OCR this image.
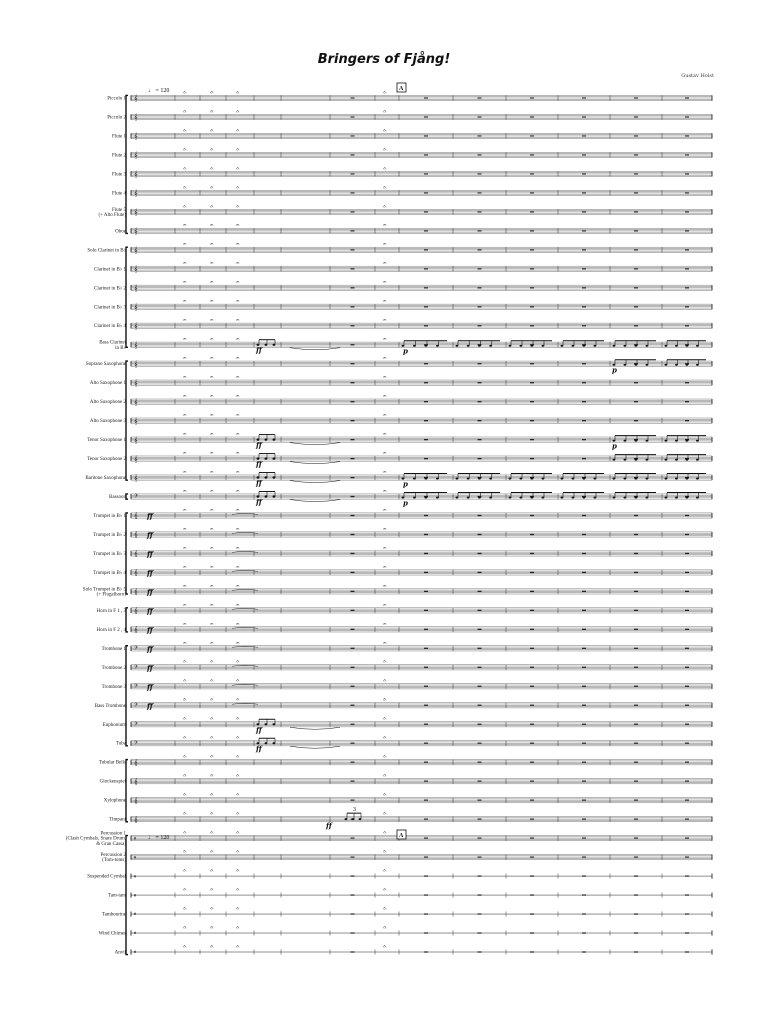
Bringers of Fjång!
Gustav Holst
𝄞
𝄐	𝄐	𝄐	𝄐
𝄞
𝄐	𝄐	𝄐	𝄐
𝄞
𝄐	𝄐	𝄐	𝄐
𝄞
𝄐	𝄐	𝄐	𝄐
𝄞
𝄐	𝄐	𝄐	𝄐
𝄞
𝄐	𝄐	𝄐	𝄐
𝄞
𝄐	𝄐	𝄐	𝄐
𝄞
𝄐	𝄐	𝄐	𝄐
𝄞
𝄐	𝄐	𝄐	𝄐
𝄞
𝄐	𝄐	𝄐	𝄐
𝄞
𝄐	𝄐	𝄐	𝄐
𝄞
𝄐	𝄐	𝄐	𝄐
𝄞
𝄐	𝄐	𝄐	𝄐
𝄞
𝄐	𝄐	𝄐	𝄐
𝄞
𝄐	𝄐	𝄐	𝄐
𝄞
𝄐	𝄐	𝄐	𝄐
𝄞
𝄐	𝄐	𝄐	𝄐
𝄞
𝄐	𝄐	𝄐	𝄐
𝄞
𝄐	𝄐	𝄐	𝄐
𝄞
𝄐	𝄐	𝄐	𝄐
𝄞
𝄐	𝄐	𝄐	𝄐
𝄢
𝄐	𝄐	𝄐	𝄐
𝄞
𝄐	𝄐	𝄐	𝄐
𝄞
𝄐	𝄐	𝄐	𝄐
𝄞
𝄐	𝄐	𝄐	𝄐
𝄞
𝄐	𝄐	𝄐	𝄐
𝄞
𝄐	𝄐	𝄐	𝄐
𝄞
𝄐	𝄐	𝄐	𝄐
𝄞
𝄐	𝄐	𝄐	𝄐
𝄢
𝄐	𝄐	𝄐	𝄐
𝄢
𝄐	𝄐	𝄐	𝄐
𝄢
𝄐	𝄐	𝄐	𝄐
𝄢
𝄐	𝄐	𝄐	𝄐
𝄢
𝄐	𝄐	𝄐	𝄐
𝄢
𝄐	𝄐	𝄐	𝄐
𝄞
𝄐	𝄐	𝄐	𝄐
𝄞
𝄐	𝄐	𝄐	𝄐
𝄞
𝄐	𝄐	𝄐	𝄐
𝄞
𝄐	𝄐	𝄐	𝄐
𝄥
𝄐	𝄐	𝄐	𝄐
𝄥
𝄐	𝄐	𝄐	𝄐
𝄥
𝄐	𝄐	𝄐	𝄐
𝄥
𝄐	𝄐	𝄐	𝄐
𝄥
𝄐	𝄐	𝄐	𝄐
𝄥
𝄐	𝄐	𝄐	𝄐
𝄥
𝄐	𝄐	𝄐	𝄐
Piccolo 1
Piccolo 2
Flute 1
Flute 2
Flute 3
Flute 4
Flute 5 (+ Alto Flute)
Oboe
Solo Clarinet in B♭
Clarinet in B♭ 1
Clarinet in B♭ 2
Clarinet in B♭ 3
Clarinet in B♭ 4
Bass Clarinet in B♭
Soprano Saxophone
Alto Saxophone 1
Alto Saxophone 2
Alto Saxophone 3
Tenor Saxophone 1
Tenor Saxophone 2
Baritone Saxophone
Bassoon
Trumpet in B♭ 1
Trumpet in B♭ 2
Trumpet in B♭ 3
Trumpet in B♭ 4
Solo Trumpet in B♭ 5 (+ Flugelhorn)
Horn in F 1 , 3
Horn in F 2 , 4
Trombone 1
Trombone 2
Trombone 3
Bass Trombone
Euphonium
Tuba
Tubular Bells
Glockenspiel
Xylophone
Timpani
Percussion 1 (Clash Cymbals, Snare Drum, & Gran Cassa)
Percussion 2 (Tom-toms)
Suspended Cymbal
Tam-tam
Tambourine
Wind Chimes
Anvil
♩ = 120
♩ = 120
A
A
ff
ff
ff
ff
ff
ff
ff
p
p
p
p
p
ff
ff
ff
ff
ff
ff
ff
ff
ff
ff
ff
3
ff
